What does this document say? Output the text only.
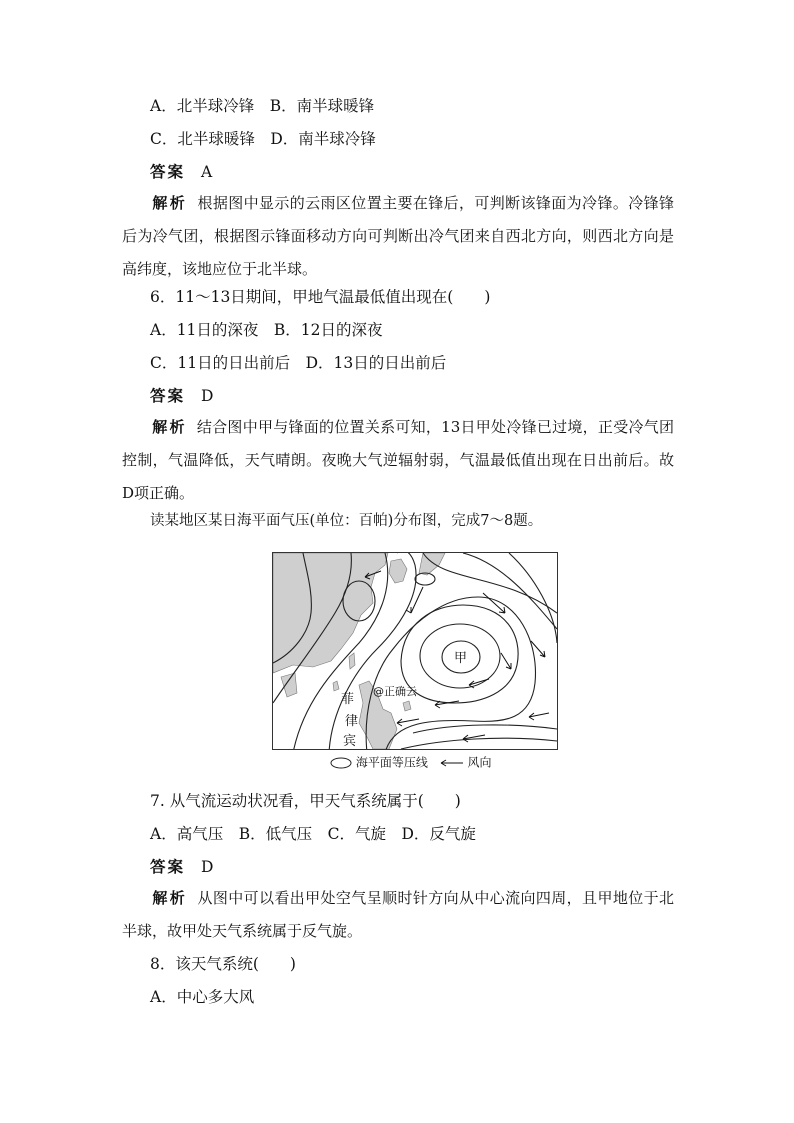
A．北半球冷锋　B．南半球暖锋
C．北半球暖锋　D．南半球冷锋
答案 A
解析 根据图中显示的云雨区位置主要在锋后，可判断该锋面为冷锋。冷锋锋后为冷气团，根据图示锋面移动方向可判断出冷气团来自西北方向，则西北方向是高纬度，该地应位于北半球。
6．11～13日期间，甲地气温最低值出现在(　　)
A．11日的深夜　B．12日的深夜
C．11日的日出前后　D．13日的日出前后
答案 D
解析 结合图中甲与锋面的位置关系可知，13日甲处冷锋已过境，正受冷气团控制，气温降低，天气晴朗。夜晚大气逆辐射弱，气温最低值出现在日出前后。故D项正确。
读某地区某日海平面气压(单位：百帕)分布图，完成7～8题。
甲
菲
律
宾
@正确云
海平面等压线	风向
7. 从气流运动状况看，甲天气系统属于(　　)
A．高气压　B．低气压　C．气旋　D．反气旋
答案 D
解析 从图中可以看出甲处空气呈顺时针方向从中心流向四周，且甲地位于北半球，故甲处天气系统属于反气旋。
8．该天气系统(　　)
A．中心多大风
